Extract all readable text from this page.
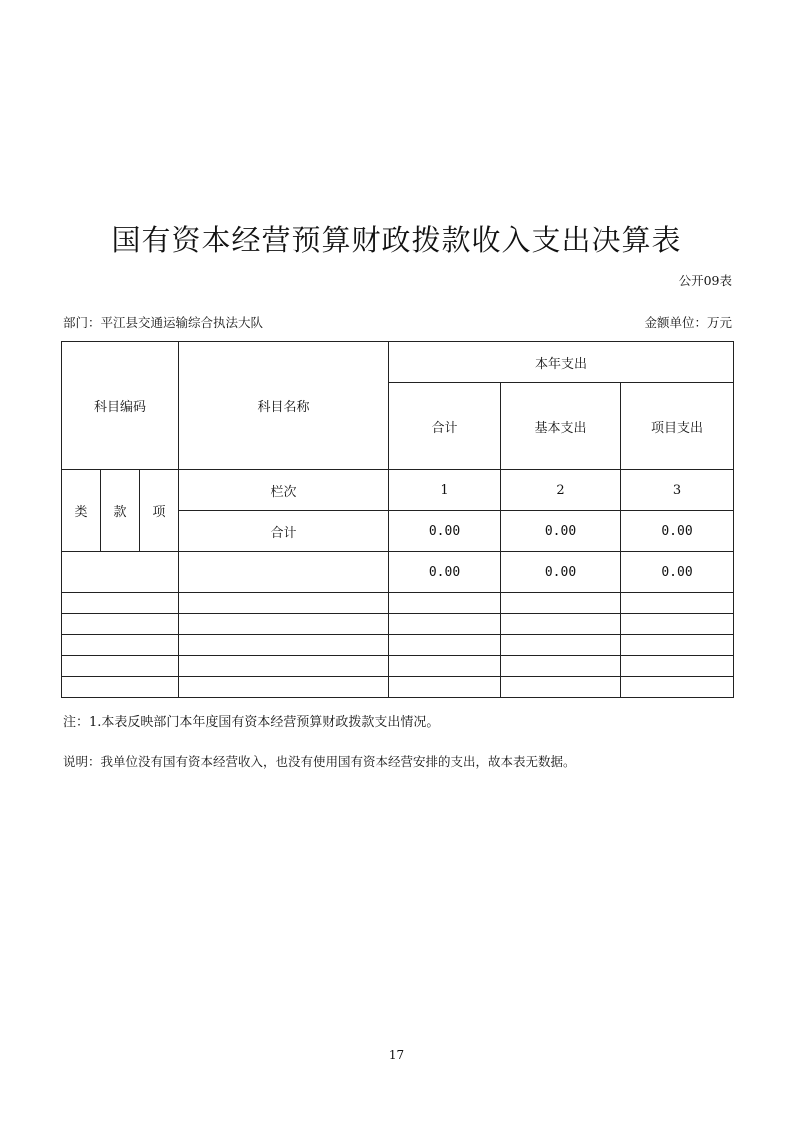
国有资本经营预算财政拨款收入支出决算表
公开09表
部门：平江县交通运输综合执法大队	金额单位：万元
科目编码			科目名称	本年支出		
				合计	基本支出	项目支出
类	款	项	栏次	1	2	3
			合计	0.00	0.00	0.00
				0.00	0.00	0.00

注：1.本表反映部门本年度国有资本经营预算财政拨款支出情况。
说明：我单位没有国有资本经营收入，也没有使用国有资本经营安排的支出，故本表无数据。
17
